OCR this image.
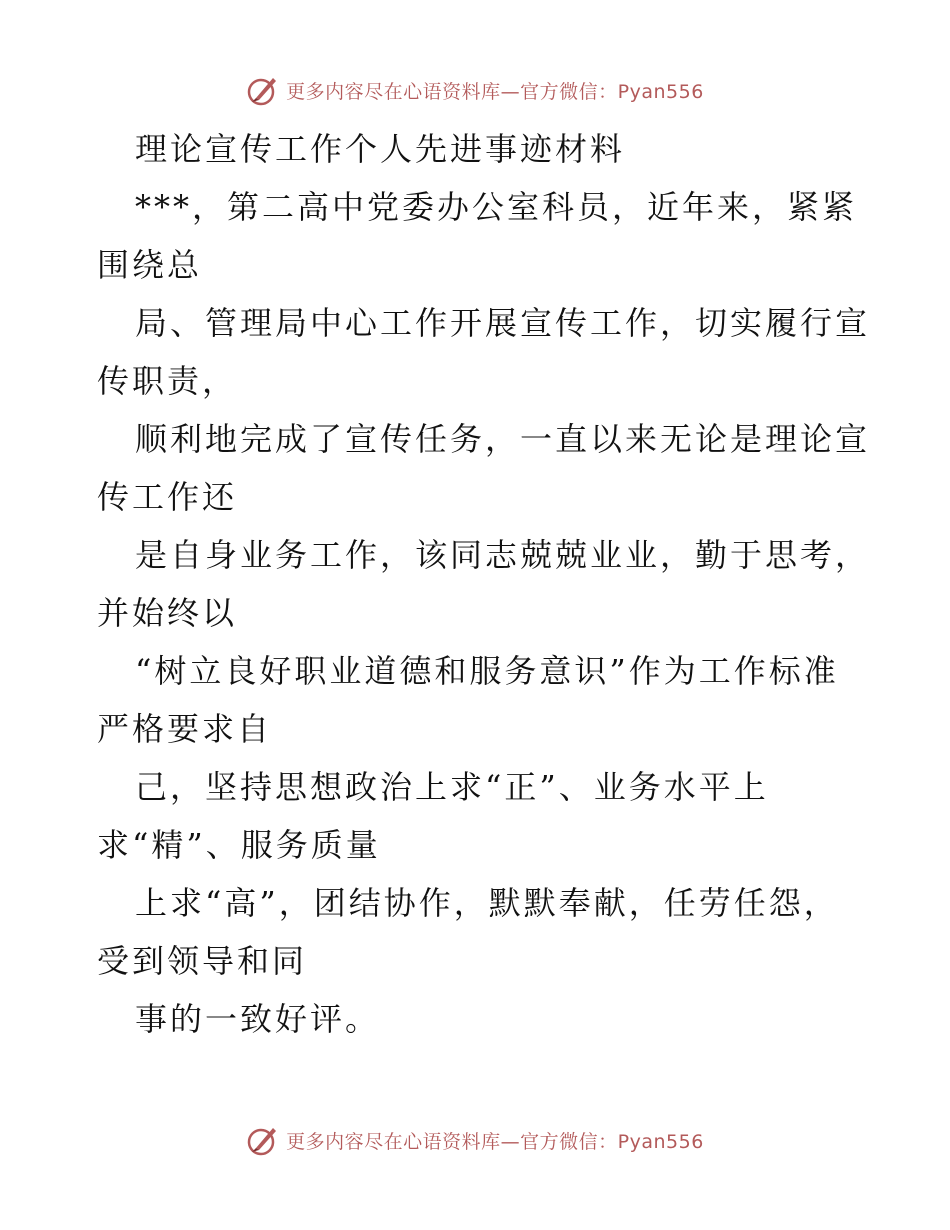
更多内容尽在心语资料库—官方微信：Pyan556
理论宣传工作个人先进事迹材料
***，第二高中党委办公室科员，近年来，紧紧
围绕总
局、管理局中心工作开展宣传工作，切实履行宣
传职责，
顺利地完成了宣传任务，一直以来无论是理论宣
传工作还
是自身业务工作，该同志兢兢业业，勤于思考，
并始终以
“树立良好职业道德和服务意识”作为工作标准
严格要求自
己，坚持思想政治上求“正”、业务水平上
求“精”、服务质量
上求“高”，团结协作，默默奉献，任劳任怨，
受到领导和同
事的一致好评。
更多内容尽在心语资料库—官方微信：Pyan556
